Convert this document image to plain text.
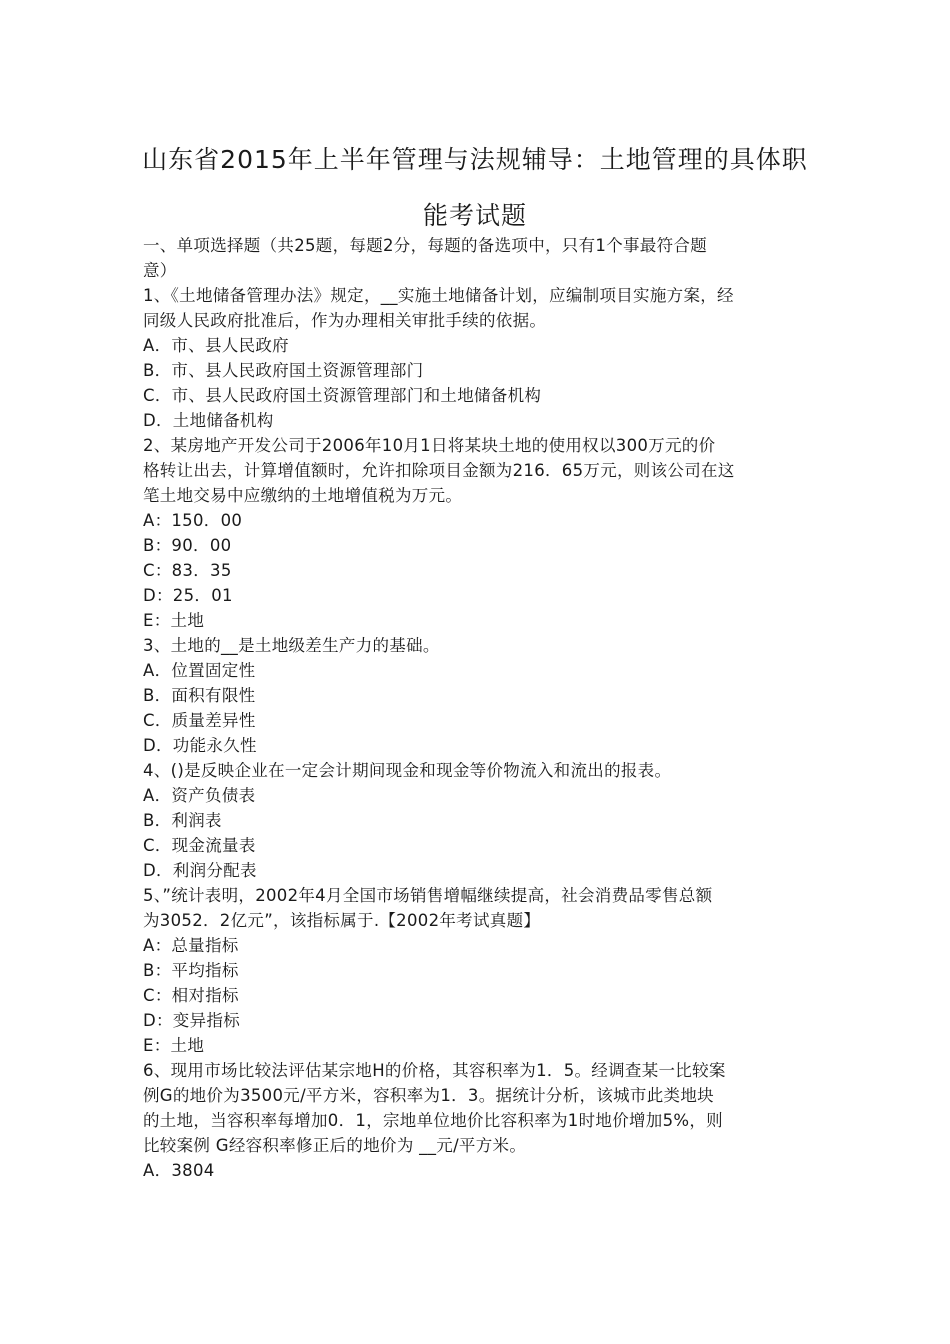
山东省2015年上半年管理与法规辅导：土地管理的具体职
能考试题
一、单项选择题（共25题，每题2分，每题的备选项中，只有1个事最符合题
意）
1、《土地储备管理办法》规定，__实施土地储备计划，应编制项目实施方案，经
同级人民政府批准后，作为办理相关审批手续的依据。
A．市、县人民政府
B．市、县人民政府国土资源管理部门
C．市、县人民政府国土资源管理部门和土地储备机构
D．土地储备机构
2、某房地产开发公司于2006年10月1日将某块土地的使用权以300万元的价
格转让出去，计算增值额时，允许扣除项目金额为216．65万元，则该公司在这
笔土地交易中应缴纳的土地增值税为万元。
A：150．00
B：90．00
C：83．35
D：25．01
E：土地
3、土地的__是土地级差生产力的基础。
A．位置固定性
B．面积有限性
C．质量差异性
D．功能永久性
4、()是反映企业在一定会计期间现金和现金等价物流入和流出的报表。
A．资产负债表
B．利润表
C．现金流量表
D．利润分配表
5、”统计表明，2002年4月全国市场销售增幅继续提高，社会消费品零售总额
为3052．2亿元”，该指标属于.【2002年考试真题】
A：总量指标
B：平均指标
C：相对指标
D：变异指标
E：土地
6、现用市场比较法评估某宗地H的价格，其容积率为1．5。经调查某一比较案
例G的地价为3500元/平方米，容积率为1．3。据统计分析，该城市此类地块
的土地，当容积率每增加0．1，宗地单位地价比容积率为1时地价增加5%，则
比较案例 G经容积率修正后的地价为 __元/平方米。
A．3804
